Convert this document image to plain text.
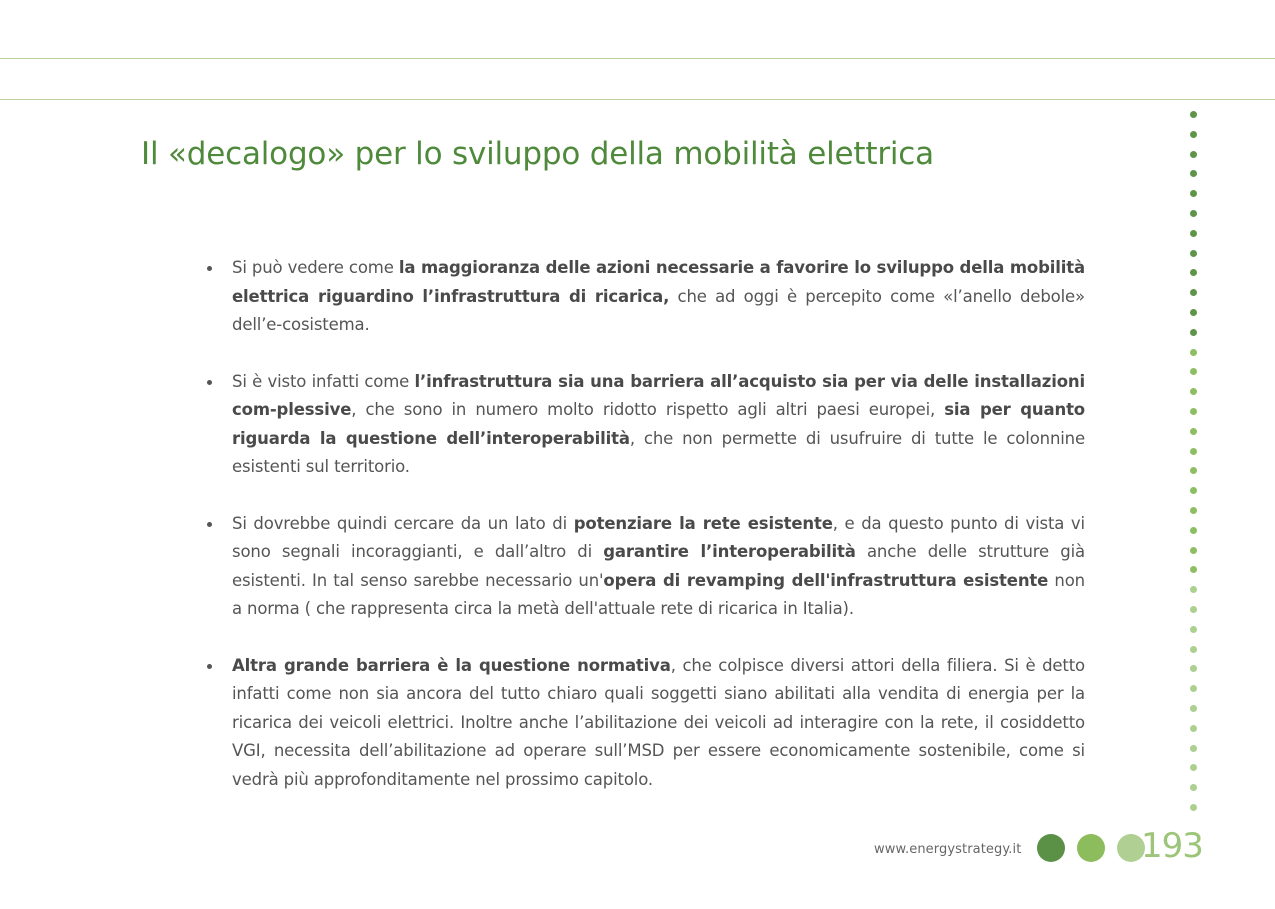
Il «decalogo» per lo sviluppo della mobilità elettrica
Si può vedere come la maggioranza delle azioni necessarie a favorire lo sviluppo della mobilità elettrica riguardino l’infrastruttura di ricarica, che ad oggi è percepito come «l’anello debole» dell’e-cosistema.
Si è visto infatti come l’infrastruttura sia una barriera all’acquisto sia per via delle installazioni com-plessive, che sono in numero molto ridotto rispetto agli altri paesi europei, sia per quanto riguarda la questione dell’interoperabilità, che non permette di usufruire di tutte le colonnine esistenti sul territorio.
Si dovrebbe quindi cercare da un lato di potenziare la rete esistente, e da questo punto di vista vi sono segnali incoraggianti, e dall’altro di garantire l’interoperabilità anche delle strutture già esistenti. In tal senso sarebbe necessario un'opera di revamping dell'infrastruttura esistente non a norma ( che rappresenta circa la metà dell'attuale rete di ricarica in Italia).
Altra grande barriera è la questione normativa, che colpisce diversi attori della filiera. Si è detto infatti come non sia ancora del tutto chiaro quali soggetti siano abilitati alla vendita di energia per la ricarica dei veicoli elettrici. Inoltre anche l’abilitazione dei veicoli ad interagire con la rete, il cosiddetto VGI, necessita dell’abilitazione ad operare sull’MSD per essere economicamente sostenibile, come si vedrà più approfonditamente nel prossimo capitolo.
www.energystrategy.it
	193
